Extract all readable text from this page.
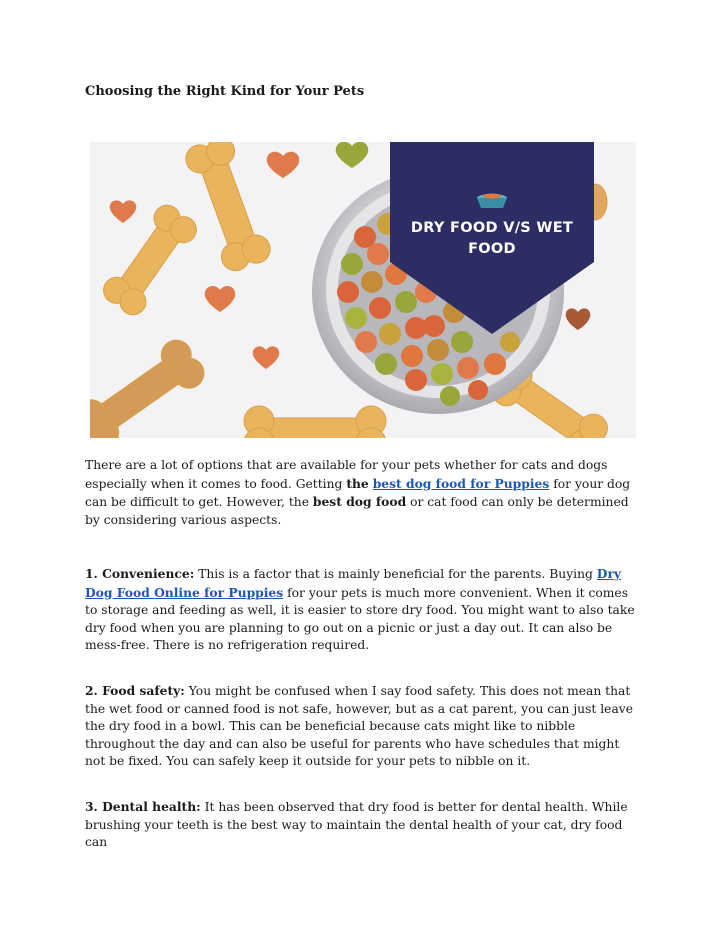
Choosing the Right Kind for Your Pets
DRY FOOD V/S WET
FOOD

There are a lot of options that are available for your pets whether for cats and dogs especially when it comes to food. Getting the best dog food for Puppies for your dog can be difficult to get. However, the best dog food or cat food can only be determined by considering various aspects.

1. Convenience: This is a factor that is mainly beneficial for the parents. Buying Dry Dog Food Online for Puppies for your pets is much more convenient. When it comes to storage and feeding as well, it is easier to store dry food. You might want to also take dry food when you are planning to go out on a picnic or just a day out. It can also be mess-free. There is no refrigeration required.

2. Food safety: You might be confused when I say food safety. This does not mean that the wet food or canned food is not safe, however, but as a cat parent, you can just leave the dry food in a bowl. This can be beneficial because cats might like to nibble throughout the day and can also be useful for parents who have schedules that might not be fixed. You can safely keep it outside for your pets to nibble on it.

3. Dental health: It has been observed that dry food is better for dental health. While brushing your teeth is the best way to maintain the dental health of your cat, dry food can
